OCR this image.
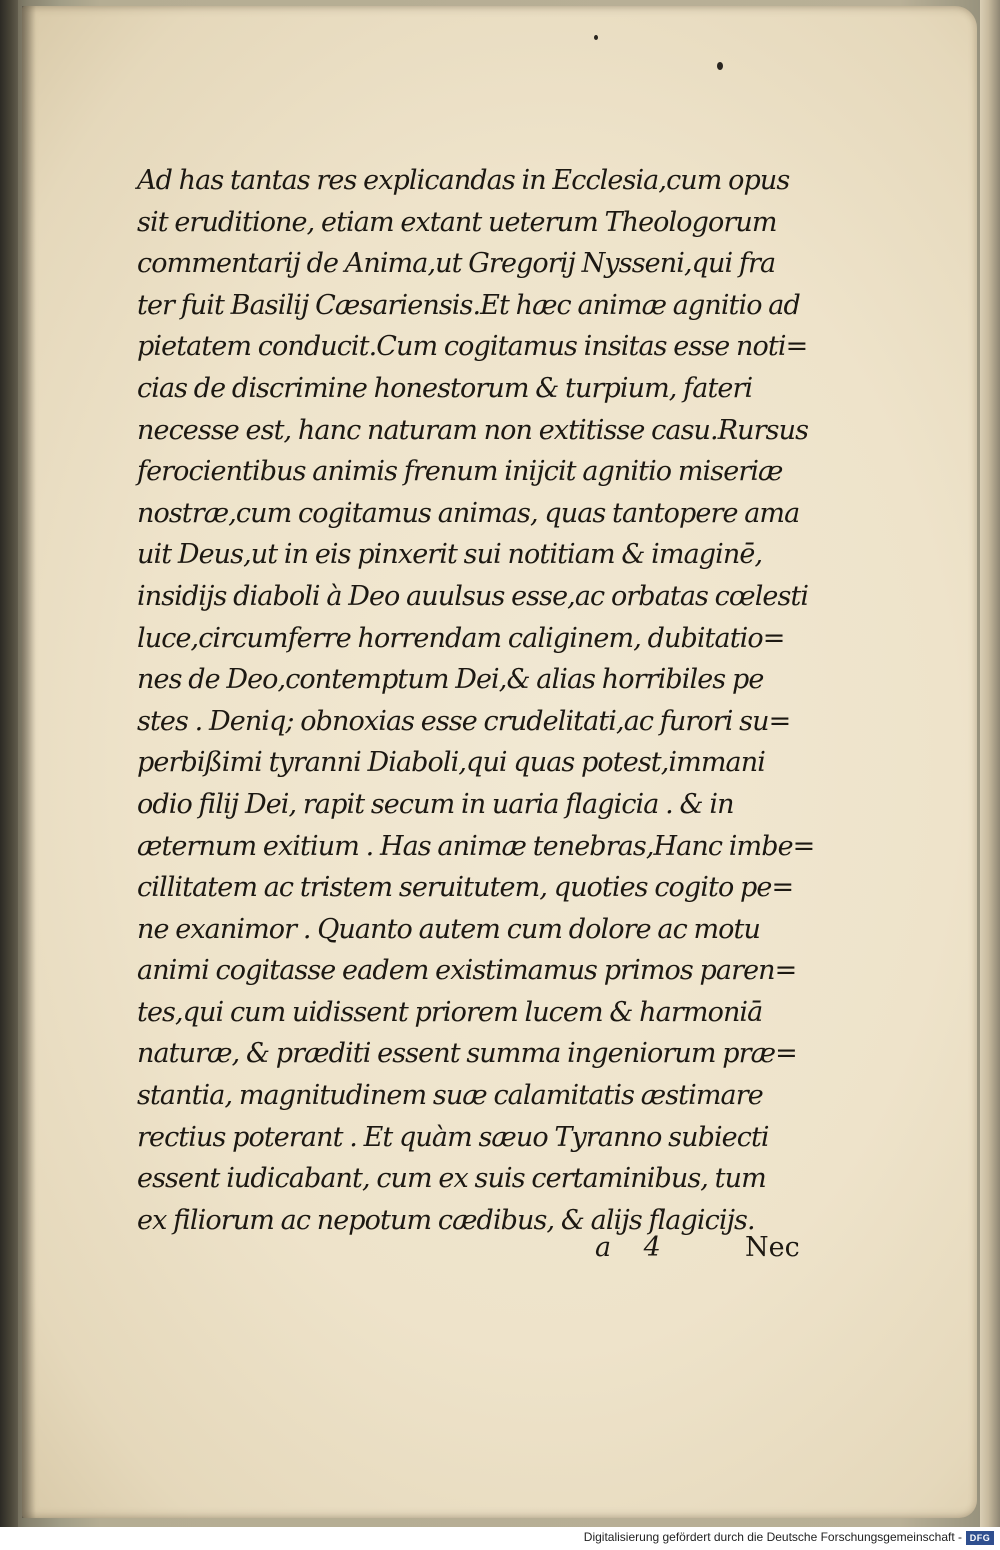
Ad has tantas res explicandas in Ecclesia,cum opus
sit eruditione, etiam extant ueterum Theologorum
commentarij de Anima,ut Gregorij Nysseni,qui fra
ter fuit Basilij Cæsariensis.Et hæc animæ agnitio ad
pietatem conducit.Cum cogitamus insitas esse noti=
cias de discrimine honestorum & turpium, fateri
necesse est, hanc naturam non extitisse casu.Rursus
ferocientibus animis frenum inijcit agnitio miseriæ
nostræ,cum cogitamus animas, quas tantopere ama
uit Deus,ut in eis pinxerit sui notitiam & imaginē,
insidijs diaboli à Deo auulsus esse,ac orbatas cœlesti
luce,circumferre horrendam caliginem, dubitatio=
nes de Deo,contemptum Dei,& alias horribiles pe
stes . Deniq; obnoxias esse crudelitati,ac furori su=
perbißimi tyranni Diaboli,qui quas potest,immani
odio filij Dei, rapit secum in uaria flagicia . & in
æternum exitium . Has animæ tenebras,Hanc imbe=
cillitatem ac tristem seruitutem, quoties cogito pe=
ne exanimor . Quanto autem cum dolore ac motu
animi cogitasse eadem existimamus primos paren=
tes,qui cum uidissent priorem lucem & harmoniā
naturæ, & præditi essent summa ingeniorum præ=
stantia, magnitudinem suæ calamitatis æstimare
rectius poterant . Et quàm sæuo Tyranno subiecti
essent iudicabant, cum ex suis certaminibus, tum
ex filiorum ac nepotum cædibus, & alijs flagicijs.
a 4	Nec
Digitalisierung gefördert durch die Deutsche Forschungsgemeinschaft - DFG
